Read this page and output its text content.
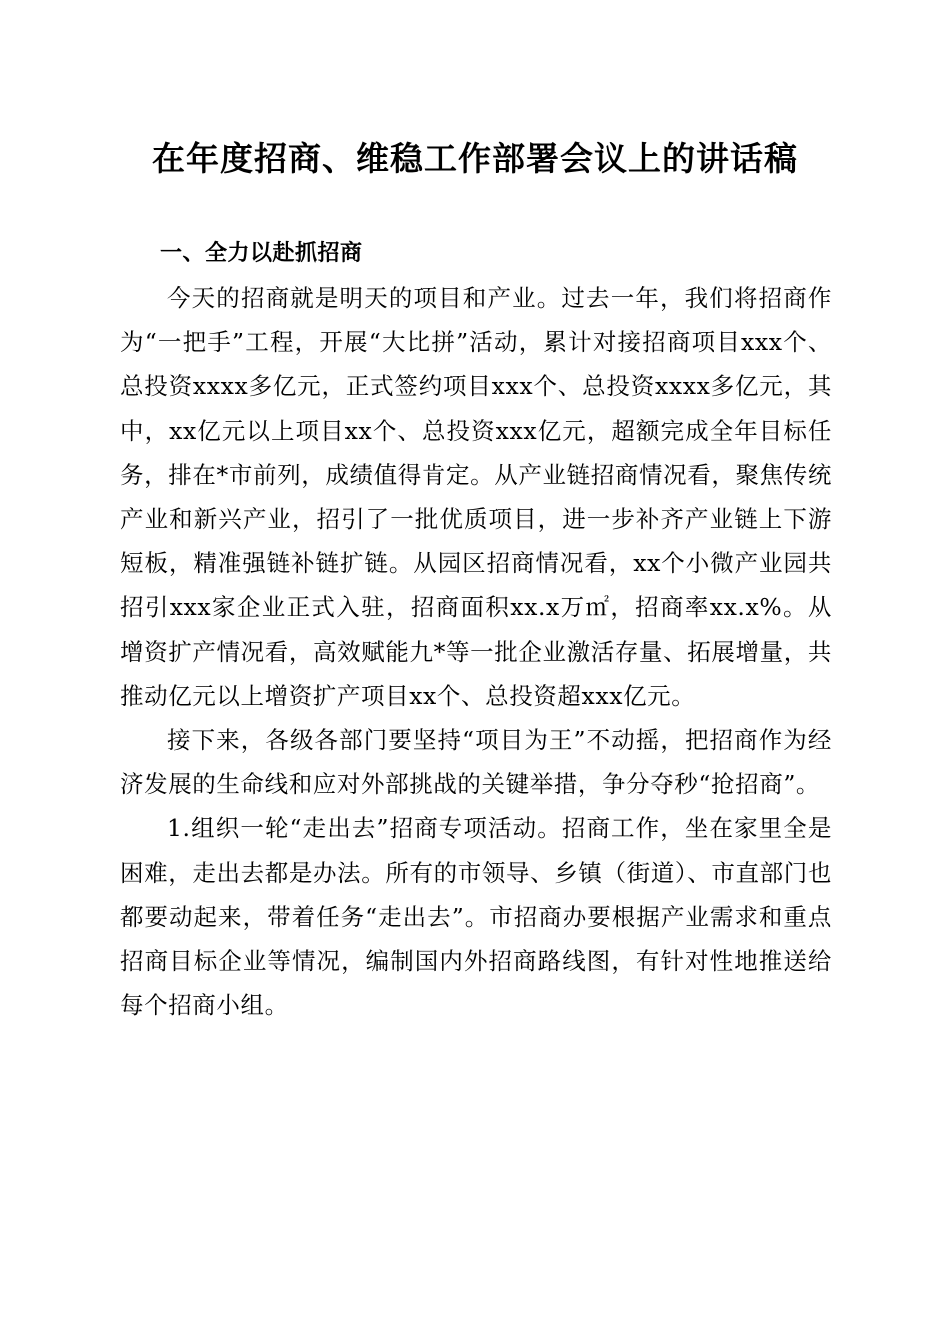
在年度招商、维稳工作部署会议上的讲话稿

一、全力以赴抓招商

今天的招商就是明天的项目和产业。过去一年，我们将招商作为“一把手”工程，开展“大比拼”活动，累计对接招商项目xxx个、总投资xxxx多亿元，正式签约项目xxx个、总投资xxxx多亿元，其中，xx亿元以上项目xx个、总投资xxx亿元，超额完成全年目标任务，排在*市前列，成绩值得肯定。从产业链招商情况看，聚焦传统产业和新兴产业，招引了一批优质项目，进一步补齐产业链上下游短板，精准强链补链扩链。从园区招商情况看，xx个小微产业园共招引xxx家企业正式入驻，招商面积xx.x万㎡，招商率xx.x%。从增资扩产情况看，高效赋能九*等一批企业激活存量、拓展增量，共推动亿元以上增资扩产项目xx个、总投资超xxx亿元。

接下来，各级各部门要坚持“项目为王”不动摇，把招商作为经济发展的生命线和应对外部挑战的关键举措，争分夺秒“抢招商”。

1.组织一轮“走出去”招商专项活动。招商工作，坐在家里全是困难，走出去都是办法。所有的市领导、乡镇（街道）、市直部门也都要动起来，带着任务“走出去”。市招商办要根据产业需求和重点招商目标企业等情况，编制国内外招商路线图，有针对性地推送给每个招商小组。
